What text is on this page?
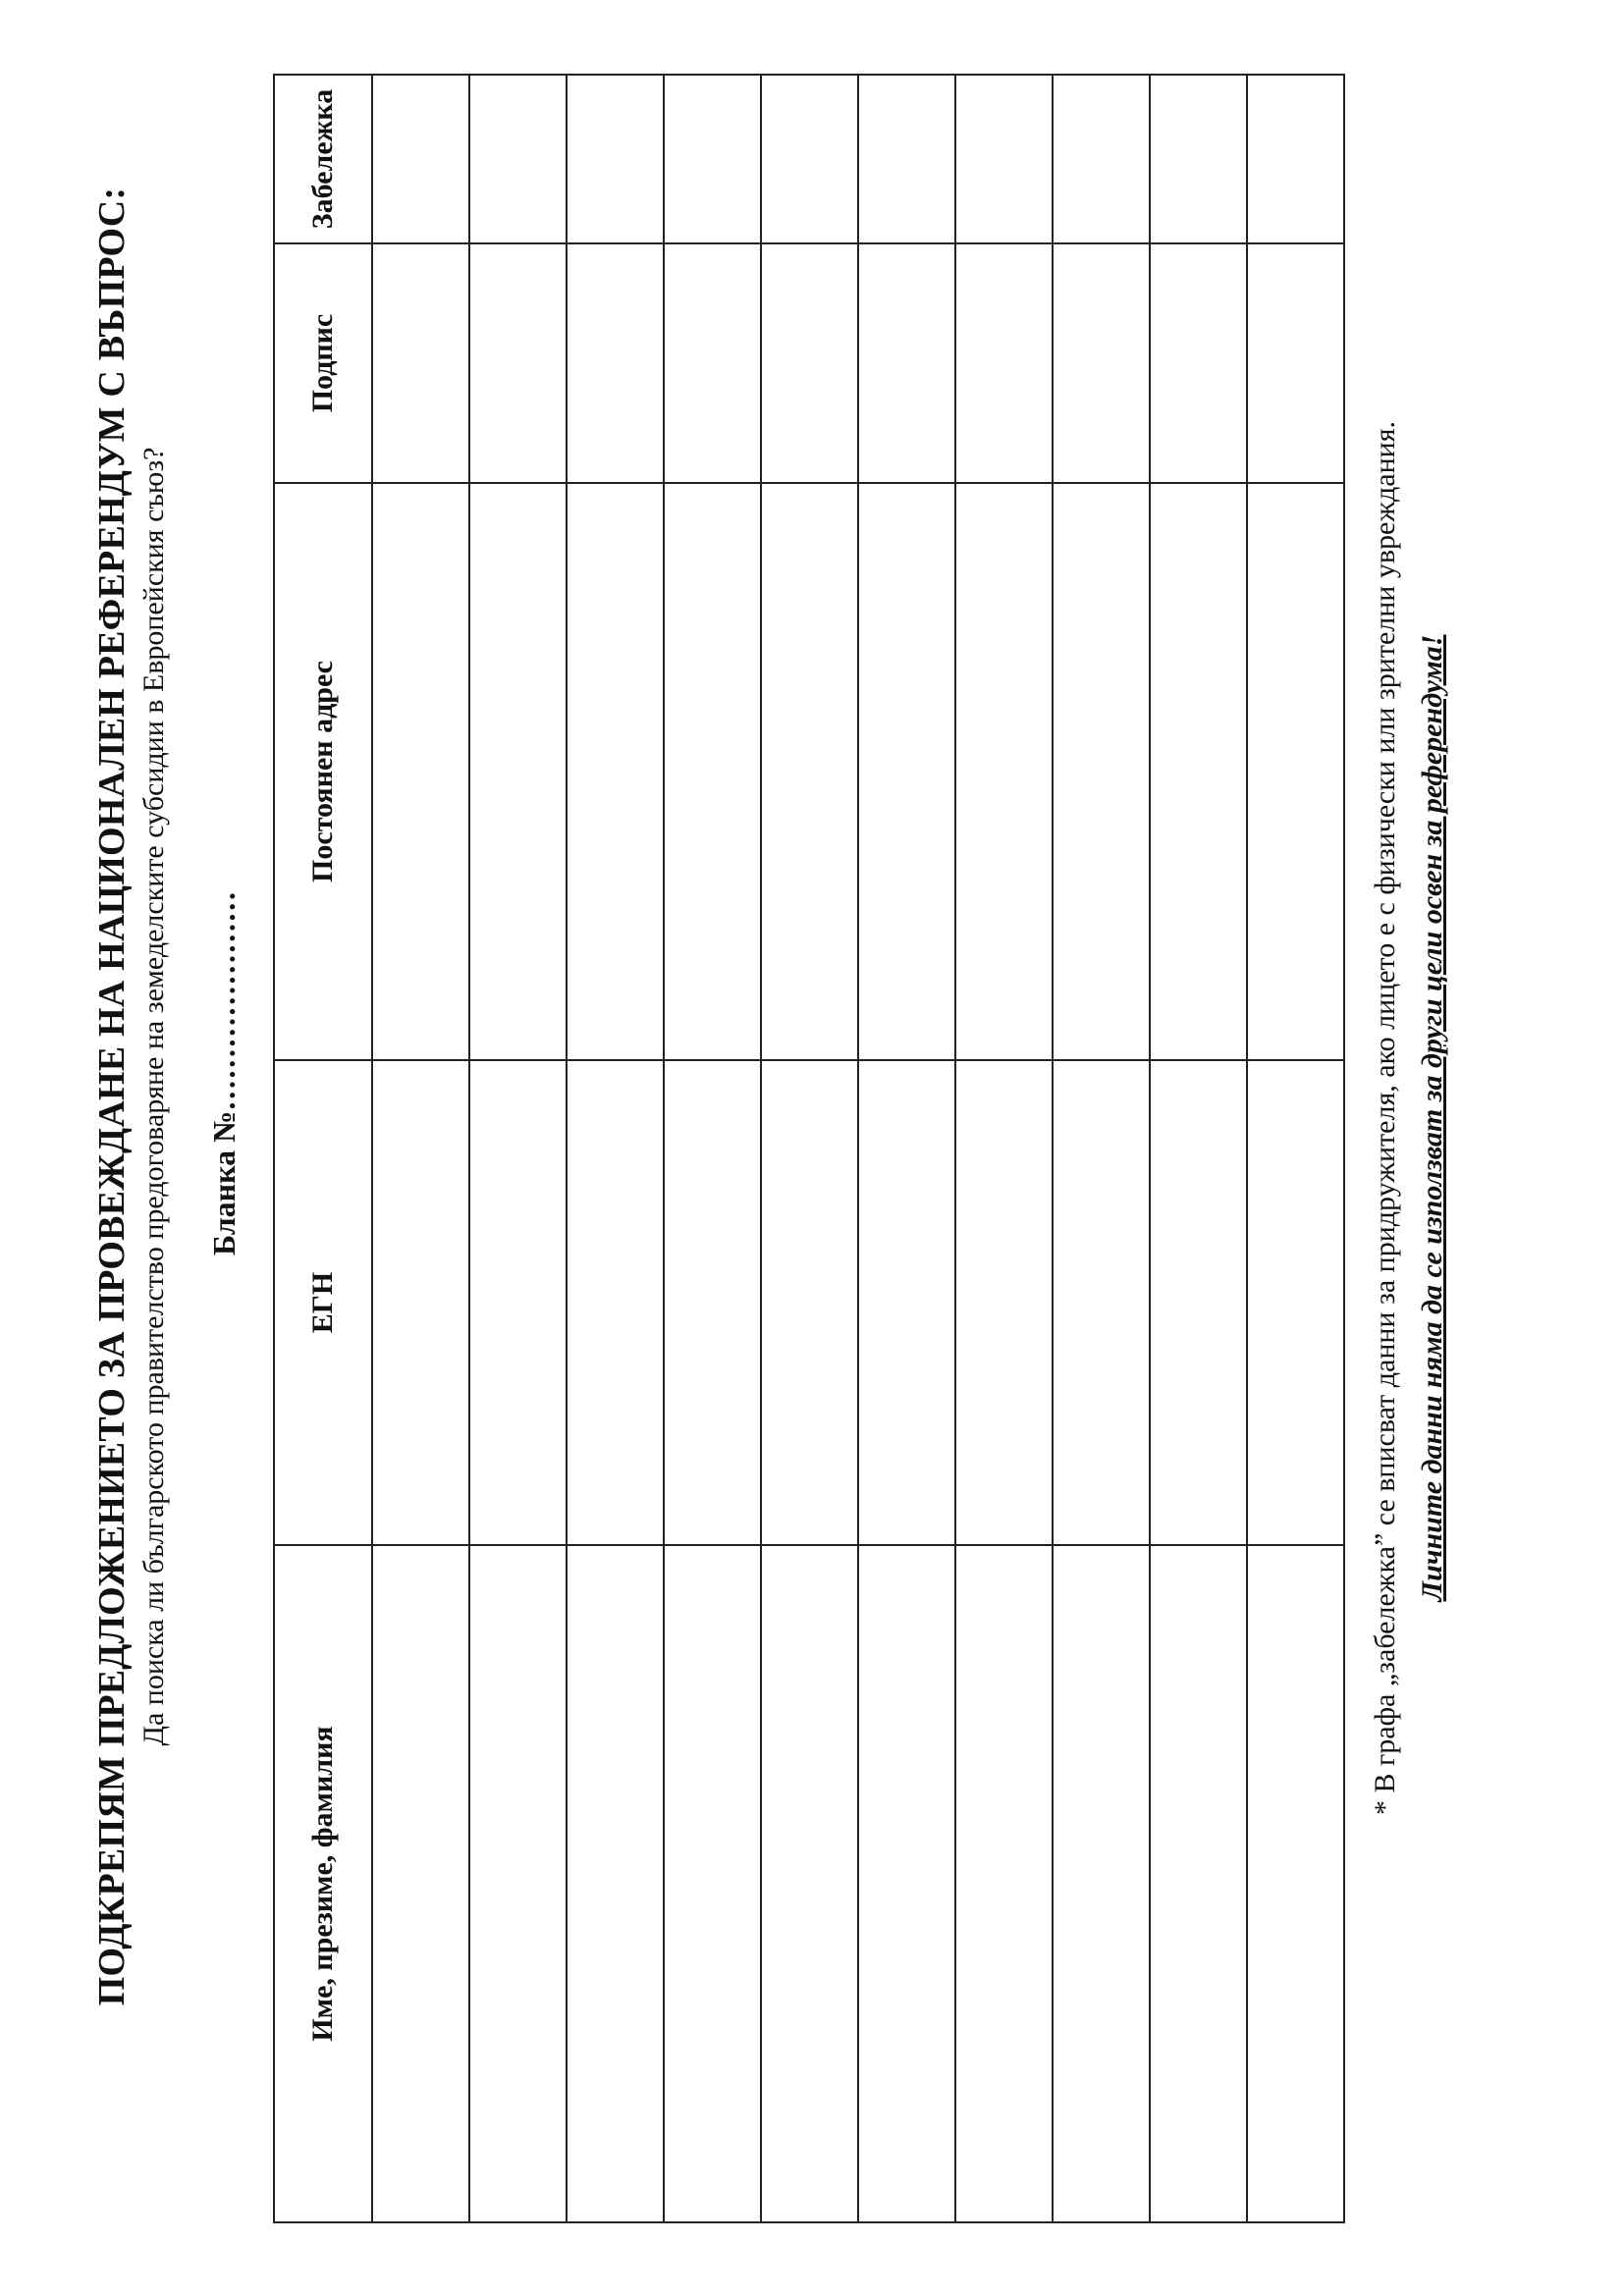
ПОДКРЕПЯМ ПРЕДЛОЖЕНИЕТО ЗА ПРОВЕЖДАНЕ НА НАЦИОНАЛЕН РЕФЕРЕНДУМ С ВЪПРОС: Да поиска ли българското правителство предоговаряне на земеделските субсидии в Европейския съюз? Бланка №…………………

Име, презиме, фамилия	ЕГН	Постоянен адрес	Подпис	Забележка

* В графа „забележка” се вписват данни за придружителя, ако лицето е с физически или зрителни увреждания. Личните данни няма да се използват за други цели освен за референдума!
